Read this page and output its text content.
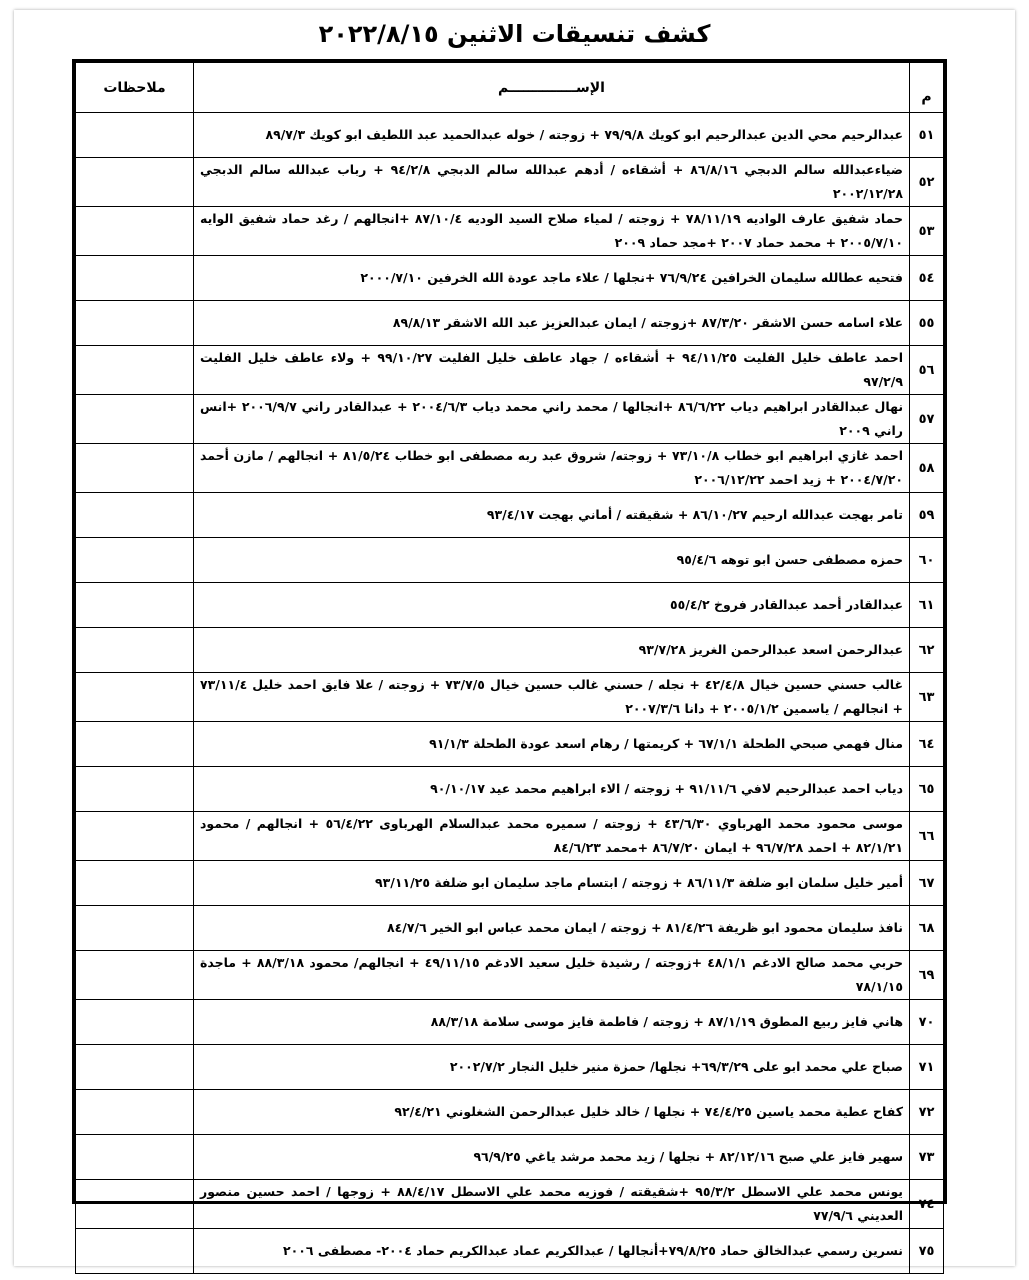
كشف تنسيقات الاثنين ٢٠٢٢/٨/١٥
م	الإســــــــــــــم	ملاحظات
٥١	عبدالرحيم محي الدين عبدالرحيم ابو كويك ٧٩/٩/٨ + زوجته / خوله عبدالحميد عبد اللطيف ابو كويك ٨٩/٧/٣	
٥٢	ضياءعبدالله سالم الدبجي ٨٦/٨/١٦ + أشقاءه / أدهم عبدالله سالم الدبجي ٩٤/٢/٨ + رباب عبدالله سالم الدبجي ٢٠٠٢/١٢/٢٨	
٥٣	حماد شفيق عارف الواديه ٧٨/١١/١٩ + زوجته / لمياء صلاح السيد الوديه ٨٧/١٠/٤ +انجالهم / رغد حماد شفيق الوايه ٢٠٠٥/٧/١٠ + محمد حماد ٢٠٠٧ +مجد حماد ٢٠٠٩	
٥٤	فتحيه عطالله سليمان الخرافين ٧٦/٩/٢٤ +نجلها / علاء ماجد عودة الله الخرفين ٢٠٠٠/٧/١٠	
٥٥	علاء اسامه حسن الاشقر ٨٧/٣/٢٠ +زوجته / ايمان عبدالعزيز عبد الله الاشقر ٨٩/٨/١٣	
٥٦	احمد عاطف خليل الفليت ٩٤/١١/٢٥ + أشقاءه / جهاد عاطف خليل الفليت ٩٩/١٠/٢٧ + ولاء عاطف خليل الفليت ٩٧/٢/٩	
٥٧	نهال عبدالقادر ابراهيم دياب ٨٦/٦/٢٢ +انجالها / محمد راني محمد دياب ٢٠٠٤/٦/٣ + عبدالقادر راني ٢٠٠٦/٩/٧ +انس راني ٢٠٠٩	
٥٨	احمد غازي ابراهيم ابو خطاب ٧٣/١٠/٨ + زوجته/ شروق عبد ربه مصطفى ابو خطاب ٨١/٥/٢٤ + انجالهم / مازن أحمد ٢٠٠٤/٧/٢٠ + زيد احمد ٢٠٠٦/١٢/٢٢	
٥٩	تامر بهجت عبدالله ارحيم ٨٦/١٠/٢٧ + شقيقته / أماني بهجت ٩٣/٤/١٧	
٦٠	حمزه مصطفى حسن ابو توهه ٩٥/٤/٦	
٦١	عبدالقادر أحمد عبدالقادر فروخ ٥٥/٤/٢	
٦٢	عبدالرحمن اسعد عبدالرحمن الغريز ٩٣/٧/٢٨	
٦٣	غالب حسني حسين خيال ٤٢/٤/٨ + نجله / حسني غالب حسين خيال ٧٣/٧/٥ + زوجته / علا فايق احمد خليل ٧٣/١١/٤ + انجالهم / ياسمين ٢٠٠٥/١/٢ + دانا ٢٠٠٧/٣/٦	
٦٤	منال فهمي صبحي الطحلة ٦٧/١/١ + كريمتها / رهام اسعد عودة الطحلة ٩١/١/٣	
٦٥	دياب احمد عبدالرحيم لافي ٩١/١١/٦ + زوجته / الاء ابراهيم محمد عيد ٩٠/١٠/١٧	
٦٦	موسى محمود محمد الهرباوي ٤٣/٦/٣٠ + زوجته / سميره محمد عبدالسلام الهرباوى ٥٦/٤/٢٢ + انجالهم / محمود ٨٢/١/٢١ + احمد ٩٦/٧/٢٨ + ايمان ٨٦/٧/٢٠ +محمد ٨٤/٦/٢٣	
٦٧	أمير خليل سلمان ابو ضلفة ٨٦/١١/٣ + زوجته / ابتسام ماجد سليمان ابو ضلفة ٩٣/١١/٢٥	
٦٨	نافذ سليمان محمود ابو ظريفة ٨١/٤/٢٦ + زوجته / ايمان محمد عباس ابو الخير ٨٤/٧/٦	
٦٩	حربي محمد صالح الادغم ٤٨/١/١ +زوجته / رشيدة خليل سعيد الادغم ٤٩/١١/١٥ + انجالهم/ محمود ٨٨/٣/١٨ + ماجدة ٧٨/١/١٥	
٧٠	هاني فايز ربيع المطوق ٨٧/١/١٩ + زوجته / فاطمة فايز موسى سلامة ٨٨/٣/١٨	
٧١	صباح علي محمد ابو على ٦٩/٣/٢٩+ نجلها/ حمزة منير خليل النجار ٢٠٠٢/٧/٢	
٧٢	كفاح عطية محمد ياسين ٧٤/٤/٢٥ + نجلها / خالد خليل عبدالرحمن الشغلوني ٩٢/٤/٢١	
٧٣	سهير فايز علي صبح ٨٢/١٢/١٦ + نجلها / زيد محمد مرشد ياغي ٩٦/٩/٢٥	
٧٤	يونس محمد علي الاسطل ٩٥/٣/٢ +شقيقته / فوزيه محمد علي الاسطل ٨٨/٤/١٧ + زوجها / احمد حسين منصور العديني ٧٧/٩/٦	
٧٥	نسرين رسمي عبدالخالق حماد ٧٩/٨/٢٥+أنجالها / عبدالكريم عماد عبدالكريم حماد ٢٠٠٤- مصطفى ٢٠٠٦	
